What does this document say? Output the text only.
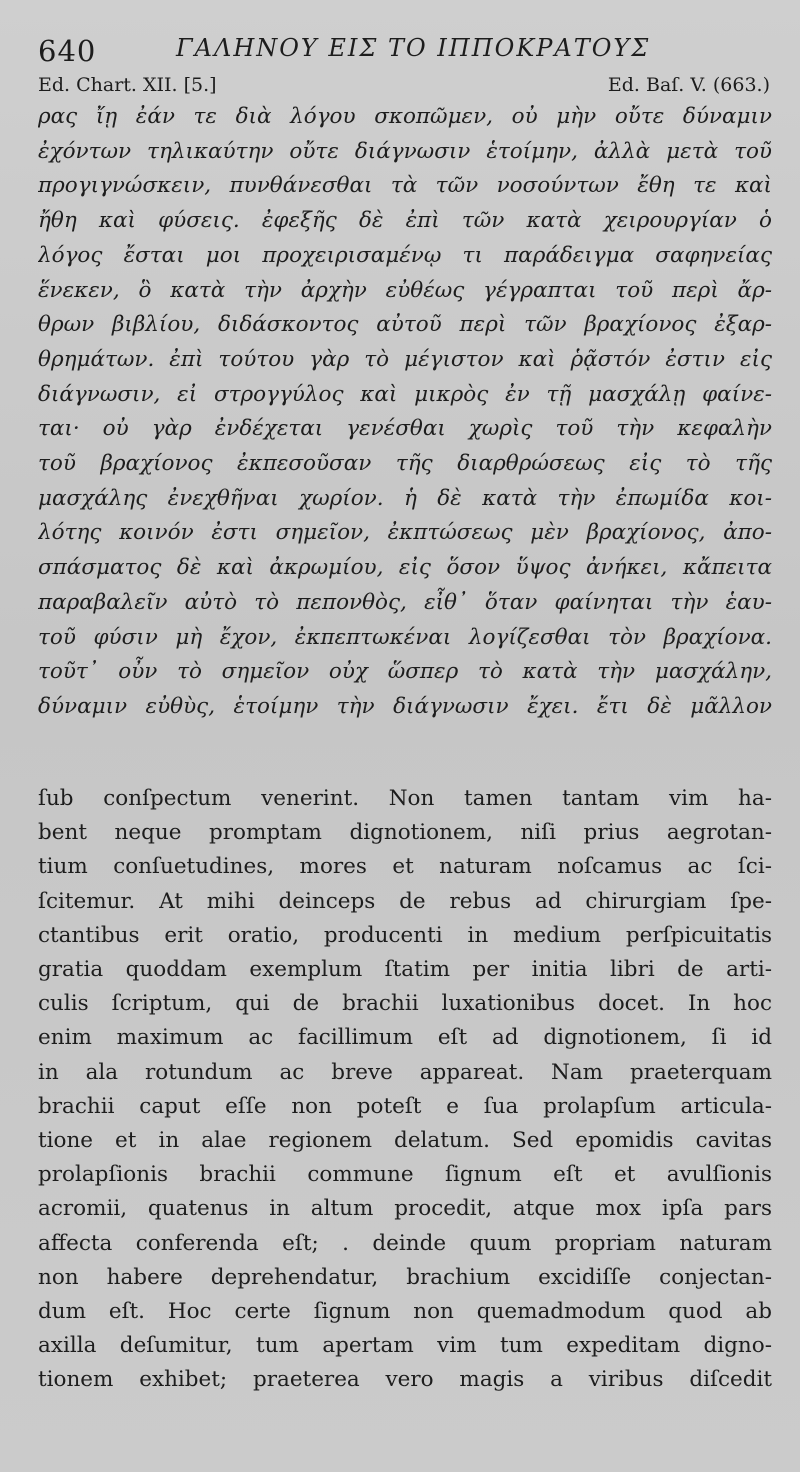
640	ΓΑΛΗΝΟΥ ΕΙΣ ΤΟ ΙΠΠΟΚΡΑΤΟΥΣ
Ed. Chart. XII. [5.]	Ed. Baſ. V. (663.)
ρας ἴῃ ἐάν τε διὰ λόγου σκοπῶμεν, οὐ μὴν οὔτε δύναμιν
ἐχόντων τηλικαύτην οὔτε διάγνωσιν ἑτοίμην, ἀλλὰ μετὰ τοῦ
προγιγνώσκειν, πυνθάνεσθαι τὰ τῶν νοσούντων ἔθη τε καὶ
ἤθη καὶ φύσεις. ἐφεξῆς δὲ ἐπὶ τῶν κατὰ χειρουργίαν ὁ
λόγος ἔσται μοι προχειρισαμένῳ τι παράδειγμα σαφηνείας
ἕνεκεν, ὃ κατὰ τὴν ἀρχὴν εὐθέως γέγραπται τοῦ περὶ ἄρ-
θρων βιβλίου, διδάσκοντος αὐτοῦ περὶ τῶν βραχίονος ἐξαρ-
θρημάτων. ἐπὶ τούτου γὰρ τὸ μέγιστον καὶ ῥᾷστόν ἐστιν εἰς
διάγνωσιν, εἰ στρογγύλος καὶ μικρὸς ἐν τῇ μασχάλῃ φαίνε-
ται· οὐ γὰρ ἐνδέχεται γενέσθαι χωρὶς τοῦ τὴν κεφαλὴν
τοῦ βραχίονος ἐκπεσοῦσαν τῆς διαρθρώσεως εἰς τὸ τῆς
μασχάλης ἐνεχθῆναι χωρίον. ἡ δὲ κατὰ τὴν ἐπωμίδα κοι-
λότης κοινόν ἐστι σημεῖον, ἐκπτώσεως μὲν βραχίονος, ἀπο-
σπάσματος δὲ καὶ ἀκρωμίου, εἰς ὅσον ὕψος ἀνήκει, κἄπειτα
παραβαλεῖν αὐτὸ τὸ πεπονθὸς, εἶθ᾽ ὅταν φαίνηται τὴν ἑαυ-
τοῦ φύσιν μὴ ἔχον, ἐκπεπτωκέναι λογίζεσθαι τὸν βραχίονα.
τοῦτ᾽ οὖν τὸ σημεῖον οὐχ ὥσπερ τὸ κατὰ τὴν μασχάλην,
δύναμιν εὐθὺς, ἑτοίμην τὴν διάγνωσιν ἔχει. ἔτι δὲ μᾶλλον
ſub conſpectum venerint. Non tamen tantam vim ha-
bent neque promptam dignotionem, niſi prius aegrotan-
tium conſuetudines, mores et naturam noſcamus ac ſci-
ſcitemur. At mihi deinceps de rebus ad chirurgiam ſpe-
ctantibus erit oratio, producenti in medium perſpicuitatis
gratia quoddam exemplum ſtatim per initia libri de arti-
culis ſcriptum, qui de brachii luxationibus docet. In hoc
enim maximum ac facillimum eſt ad dignotionem, ſi id
in ala rotundum ac breve appareat. Nam praeterquam
brachii caput eſſe non poteſt e ſua prolapſum articula-
tione et in alae regionem delatum. Sed epomidis cavitas
prolapſionis brachii commune ſignum eſt et avulſionis
acromii, quatenus in altum procedit, atque mox ipſa pars
affecta conferenda eſt; . deinde quum propriam naturam
non habere deprehendatur, brachium excidiſſe conjectan-
dum eſt. Hoc certe ſignum non quemadmodum quod ab
axilla deſumitur, tum apertam vim tum expeditam digno-
tionem exhibet; praeterea vero magis a viribus diſcedit
